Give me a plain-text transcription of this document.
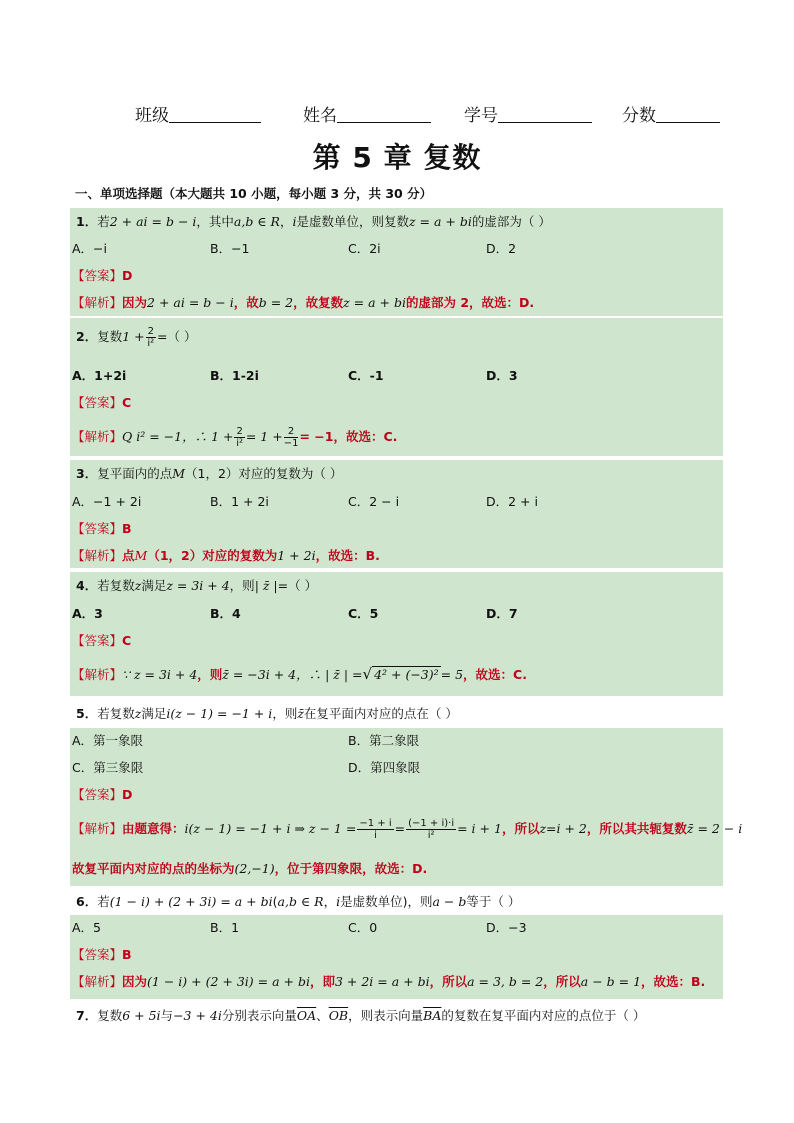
班级	姓名	学号	分数
第 5 章 复数
一、单项选择题（本大题共 10 小题，每小题 3 分，共 30 分）
1．若2 + ai = b − i，其中a,b ∈ R，i是虚数单位，则复数z = a + bi的虚部为（ ）
A．−i	B．−1	C．2i	D．2
【答案】D
【解析】因为2 + ai = b − i，故b = 2，故复数z = a + bi的虚部为 2，故选：D.
2．复数$1 + \frac{2}{\text{i²}}$ =（ ）
A．1+2i	B．1-2i	C．-1	D．3
【答案】C
【解析】Q i² = −1，∴ $1 + \frac{2}{\text{i²}} = 1 + \frac{2}{-1} = -1$，故选：C.
3．复平面内的点M（1，2）对应的复数为（ ）
A．−1 + 2i	B．1 + 2i	C．2 − i	D．2 + i
【答案】B
【解析】点M（1，2）对应的复数为1 + 2i，故选：B.
4．若复数z满足z = 3i + 4，则| z̄ |=（ ）
A．3	B．4	C．5	D．7
【答案】C
【解析】∵ z = 3i + 4，则z̄ = −3i + 4，∴ | z̄ | =√ 4² + (−3)² = 5，故选：C.
5．若复数z满足i(z − 1) = −1 + i，则z̄在复平面内对应的点在（ ）
A．第一象限	B．第二象限
C．第三象限	D．第四象限
【答案】D
【解析】由题意得：i(z − 1) = −1 + i ⇒ $z - 1 = \frac{-1 + i}{i} = \frac{(-1 + i)\cdot i}{\text{i²}} = i + 1$，所以z=i + 2，所以其共轭复数z̄ = 2 − i
故复平面内对应的点的坐标为(2,−1)，位于第四象限，故选：D.
6．若(1 − i) + (2 + 3i) = a + bi(a,b ∈ R，i是虚数单位)，则a − b等于（ ）
A．5	B．1	C．0	D．−3
【答案】B
【解析】因为(1 − i) + (2 + 3i) = a + bi，即3 + 2i = a + bi，所以a = 3, b = 2，所以a − b = 1，故选：B.
7．复数6 + 5i与−3 + 4i分别表示向量$\overline{OA}$、$\overline{OB}$，则表示向量$\overline{BA}$的复数在复平面内对应的点位于（ ）
